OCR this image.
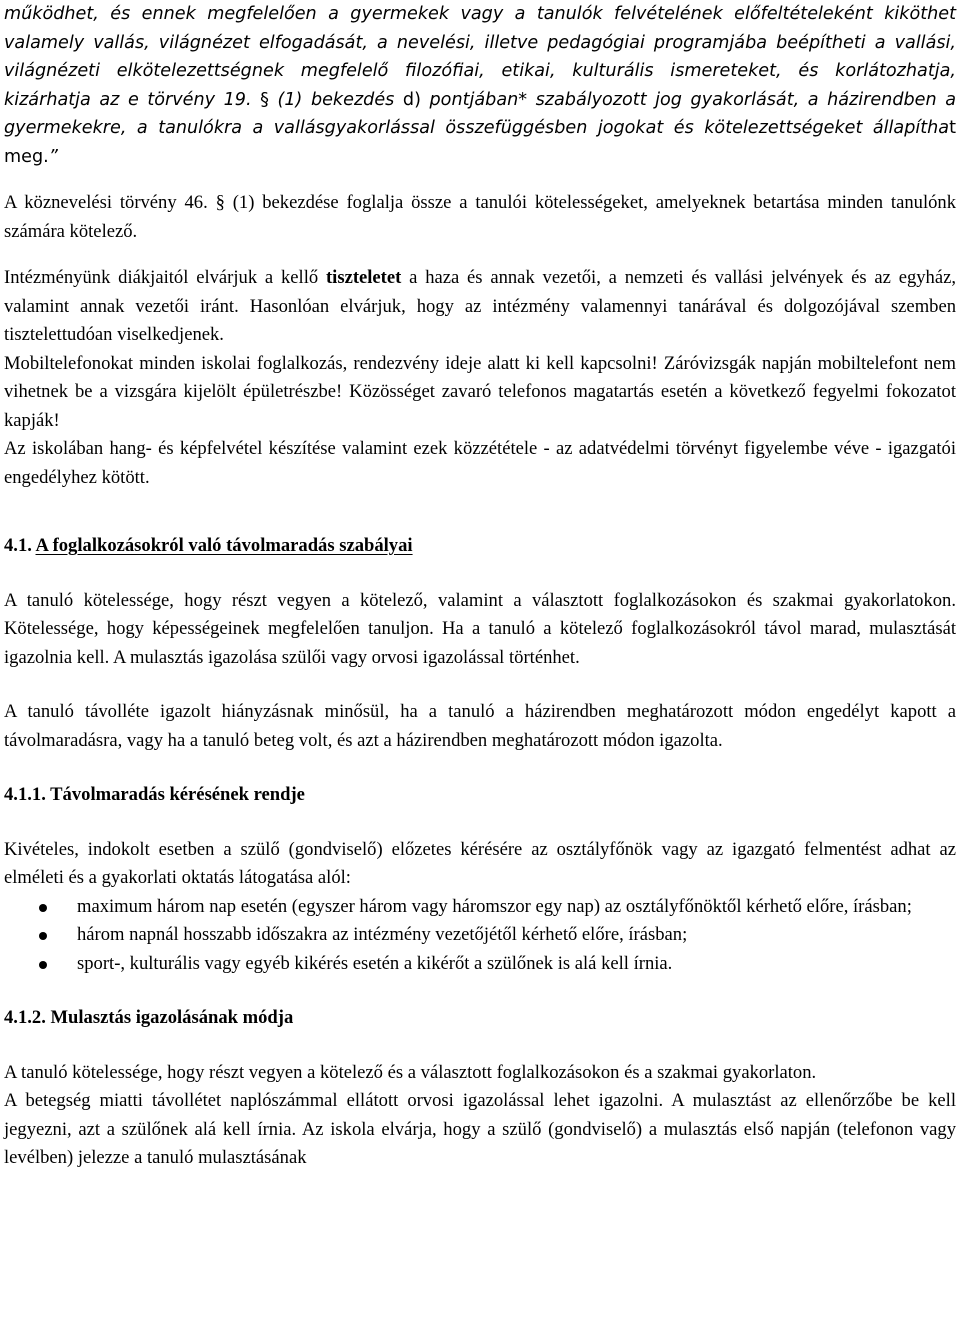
működhet, és ennek megfelelően a gyermekek vagy a tanulók felvételének előfeltételeként kiköthet valamely vallás, világnézet elfogadását, a nevelési, illetve pedagógiai programjába beépítheti a vallási, világnézeti elkötelezettségnek megfelelő filozófiai, etikai, kulturális ismereteket, és korlátozhatja, kizárhatja az e törvény 19. § (1) bekezdés d) pontjában* szabályozott jog gyakorlását, a házirendben a gyermekekre, a tanulókra a vallásgyakorlással összefüggésben jogokat és kötelezettségeket állapíthat meg.”

A köznevelési törvény 46. § (1) bekezdése foglalja össze a tanulói kötelességeket, amelyeknek betartása minden tanulónk számára kötelező.

Intézményünk diákjaitól elvárjuk a kellő tiszteletet a haza és annak vezetői, a nemzeti és vallási jelvények és az egyház, valamint annak vezetői iránt. Hasonlóan elvárjuk, hogy az intézmény valamennyi tanárával és dolgozójával szemben tisztelettudóan viselkedjenek.

Mobiltelefonokat minden iskolai foglalkozás, rendezvény ideje alatt ki kell kapcsolni! Záróvizsgák napján mobiltelefont nem vihetnek be a vizsgára kijelölt épületrészbe! Közösséget zavaró telefonos magatartás esetén a következő fegyelmi fokozatot kapják!

Az iskolában hang- és képfelvétel készítése valamint ezek közzététele - az adatvédelmi törvényt figyelembe véve - igazgatói engedélyhez kötött.

4.1. A foglalkozásokról való távolmaradás szabályai

A tanuló kötelessége, hogy részt vegyen a kötelező, valamint a választott foglalkozásokon és szakmai gyakorlatokon. Kötelessége, hogy képességeinek megfelelően tanuljon. Ha a tanuló a kötelező foglalkozásokról távol marad, mulasztását igazolnia kell. A mulasztás igazolása szülői vagy orvosi igazolással történhet.

A tanuló távolléte igazolt hiányzásnak minősül, ha a tanuló a házirendben meghatározott módon engedélyt kapott a távolmaradásra, vagy ha a tanuló beteg volt, és azt a házirendben meghatározott módon igazolta.

4.1.1. Távolmaradás kérésének rendje

Kivételes, indokolt esetben a szülő (gondviselő) előzetes kérésére az osztályfőnök vagy az igazgató felmentést adhat az elméleti és a gyakorlati oktatás látogatása alól:

maximum három nap esetén (egyszer három vagy háromszor egy nap) az osztályfőnöktől kérhető előre, írásban;
három napnál hosszabb időszakra az intézmény vezetőjétől kérhető előre, írásban;
sport-, kulturális vagy egyéb kikérés esetén a kikérőt a szülőnek is alá kell írnia.

4.1.2. Mulasztás igazolásának módja

A tanuló kötelessége, hogy részt vegyen a kötelező és a választott foglalkozásokon és a szakmai gyakorlaton.

A betegség miatti távollétet naplószámmal ellátott orvosi igazolással lehet igazolni. A mulasztást az ellenőrzőbe be kell jegyezni, azt a szülőnek alá kell írnia. Az iskola elvárja, hogy a szülő (gondviselő) a mulasztás első napján (telefonon vagy levélben) jelezze a tanuló mulasztásának
